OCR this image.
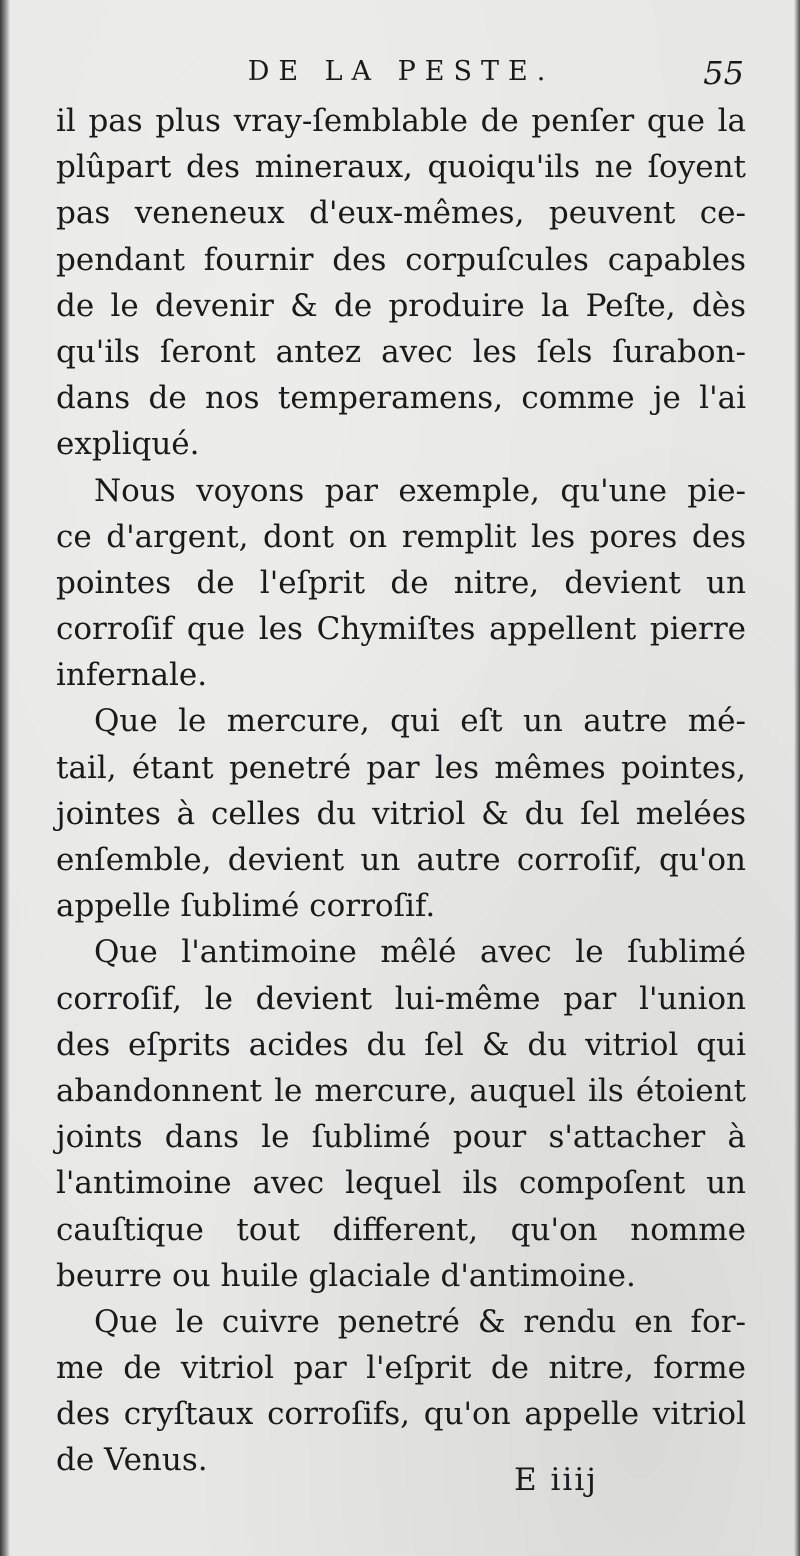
DE LA PESTE.	55
il pas plus vray-ſemblable de penſer que la
plûpart des mineraux, quoiqu'ils ne ſoyent
pas veneneux d'eux-mêmes, peuvent ce-
pendant fournir des corpuſcules capables
de le devenir & de produire la Peſte, dès
qu'ils ſeront antez avec les ſels ſurabon-
dans de nos temperamens, comme je l'ai
expliqué.
Nous voyons par exemple, qu'une pie-
ce d'argent, dont on remplit les pores des
pointes de l'eſprit de nitre, devient un
corroſif que les Chymiſtes appellent pierre
infernale.
Que le mercure, qui eſt un autre mé-
tail, étant penetré par les mêmes pointes,
jointes à celles du vitriol & du ſel melées
enſemble, devient un autre corroſif, qu'on
appelle ſublimé corroſif.
Que l'antimoine mêlé avec le ſublimé
corroſif, le devient lui-même par l'union
des eſprits acides du ſel & du vitriol qui
abandonnent le mercure, auquel ils étoient
joints dans le ſublimé pour s'attacher à
l'antimoine avec lequel ils compoſent un
cauſtique tout different, qu'on nomme
beurre ou huile glaciale d'antimoine.
Que le cuivre penetré & rendu en for-
me de vitriol par l'eſprit de nitre, forme
des cryſtaux corroſifs, qu'on appelle vitriol
de Venus.
E iiij
